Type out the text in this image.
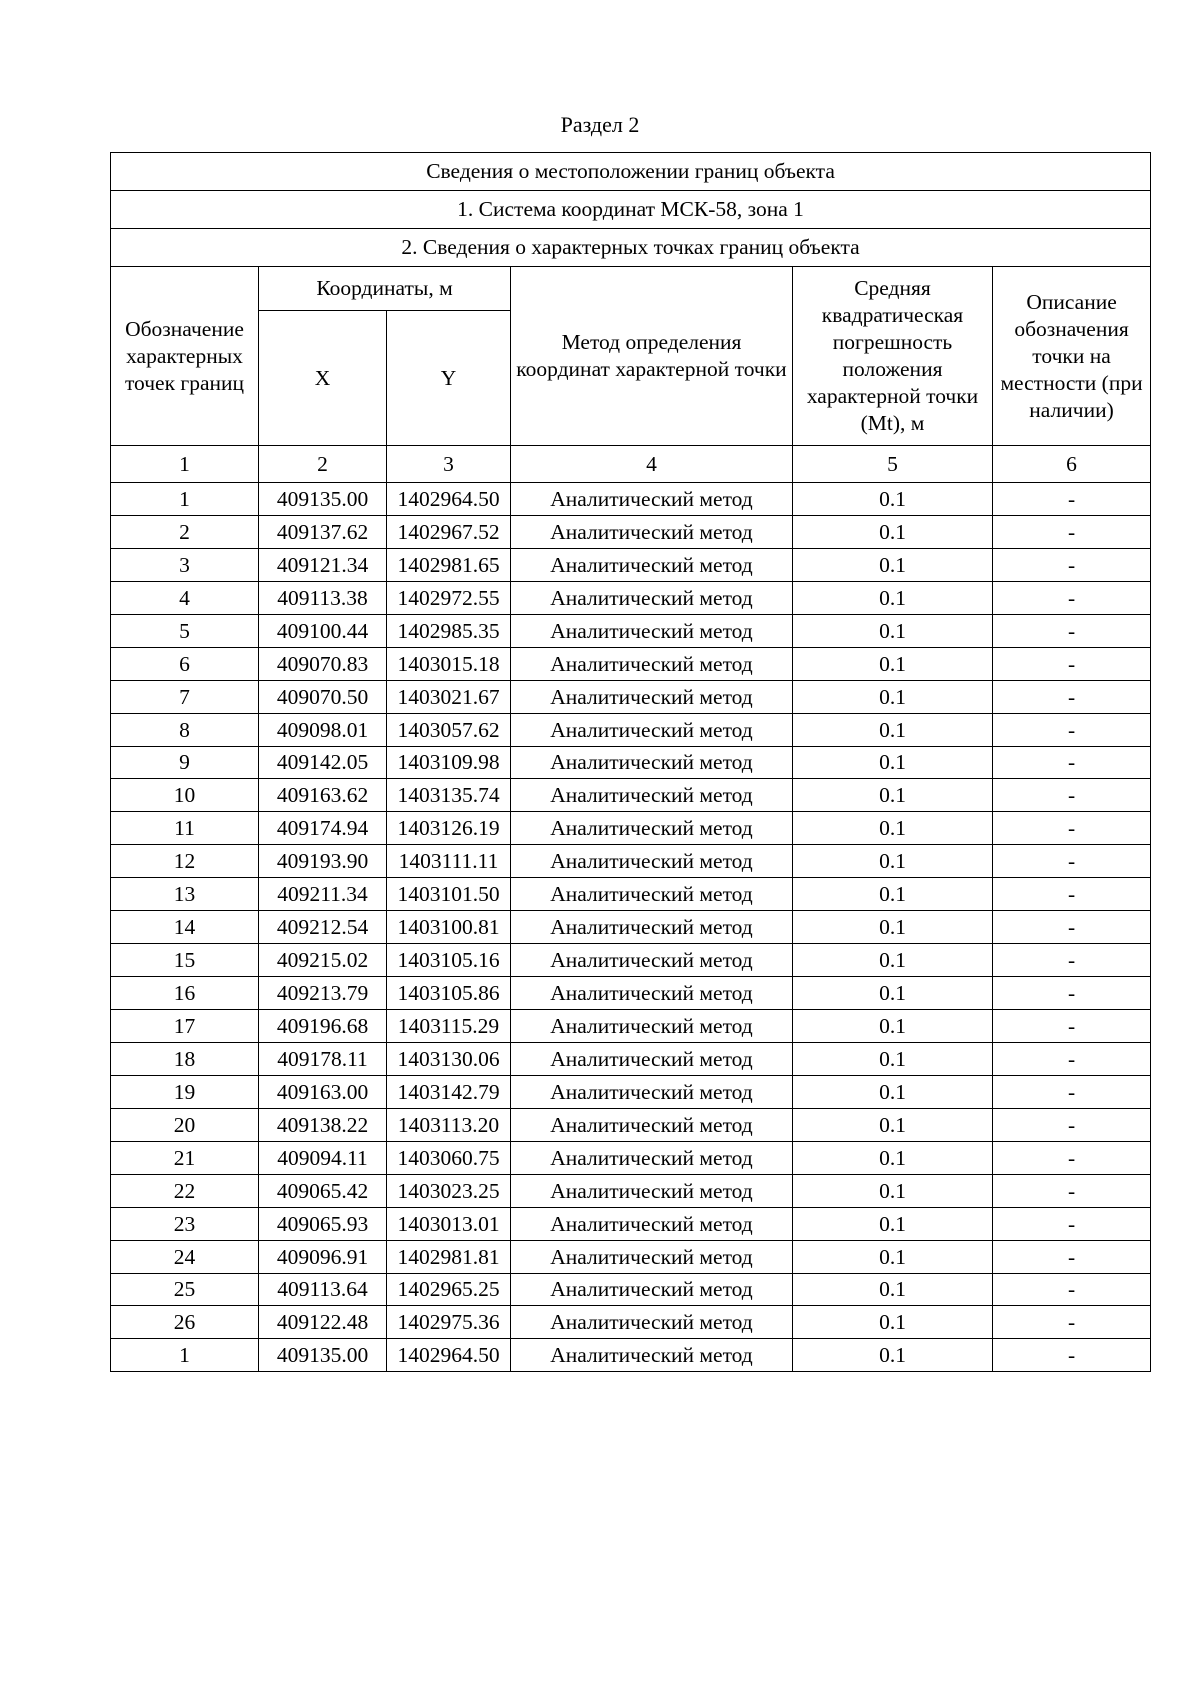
Раздел 2
Сведения о местоположении границ объекта					
1. Система координат МСК-58, зона 1					
2. Сведения о характерных точках границ объекта					
Обозначение характерных точек границ	Координаты, м		Метод определения координат характерной точки	Средняя квадратическая погрешность положения характерной точки (Mt), м	Описание обозначения точки на местности (при наличии)
	X	Y			
1	2	3	4	5	6
1	409135.00	1402964.50	Аналитический метод	0.1	-
2	409137.62	1402967.52	Аналитический метод	0.1	-
3	409121.34	1402981.65	Аналитический метод	0.1	-
4	409113.38	1402972.55	Аналитический метод	0.1	-
5	409100.44	1402985.35	Аналитический метод	0.1	-
6	409070.83	1403015.18	Аналитический метод	0.1	-
7	409070.50	1403021.67	Аналитический метод	0.1	-
8	409098.01	1403057.62	Аналитический метод	0.1	-
9	409142.05	1403109.98	Аналитический метод	0.1	-
10	409163.62	1403135.74	Аналитический метод	0.1	-
11	409174.94	1403126.19	Аналитический метод	0.1	-
12	409193.90	1403111.11	Аналитический метод	0.1	-
13	409211.34	1403101.50	Аналитический метод	0.1	-
14	409212.54	1403100.81	Аналитический метод	0.1	-
15	409215.02	1403105.16	Аналитический метод	0.1	-
16	409213.79	1403105.86	Аналитический метод	0.1	-
17	409196.68	1403115.29	Аналитический метод	0.1	-
18	409178.11	1403130.06	Аналитический метод	0.1	-
19	409163.00	1403142.79	Аналитический метод	0.1	-
20	409138.22	1403113.20	Аналитический метод	0.1	-
21	409094.11	1403060.75	Аналитический метод	0.1	-
22	409065.42	1403023.25	Аналитический метод	0.1	-
23	409065.93	1403013.01	Аналитический метод	0.1	-
24	409096.91	1402981.81	Аналитический метод	0.1	-
25	409113.64	1402965.25	Аналитический метод	0.1	-
26	409122.48	1402975.36	Аналитический метод	0.1	-
1	409135.00	1402964.50	Аналитический метод	0.1	-
